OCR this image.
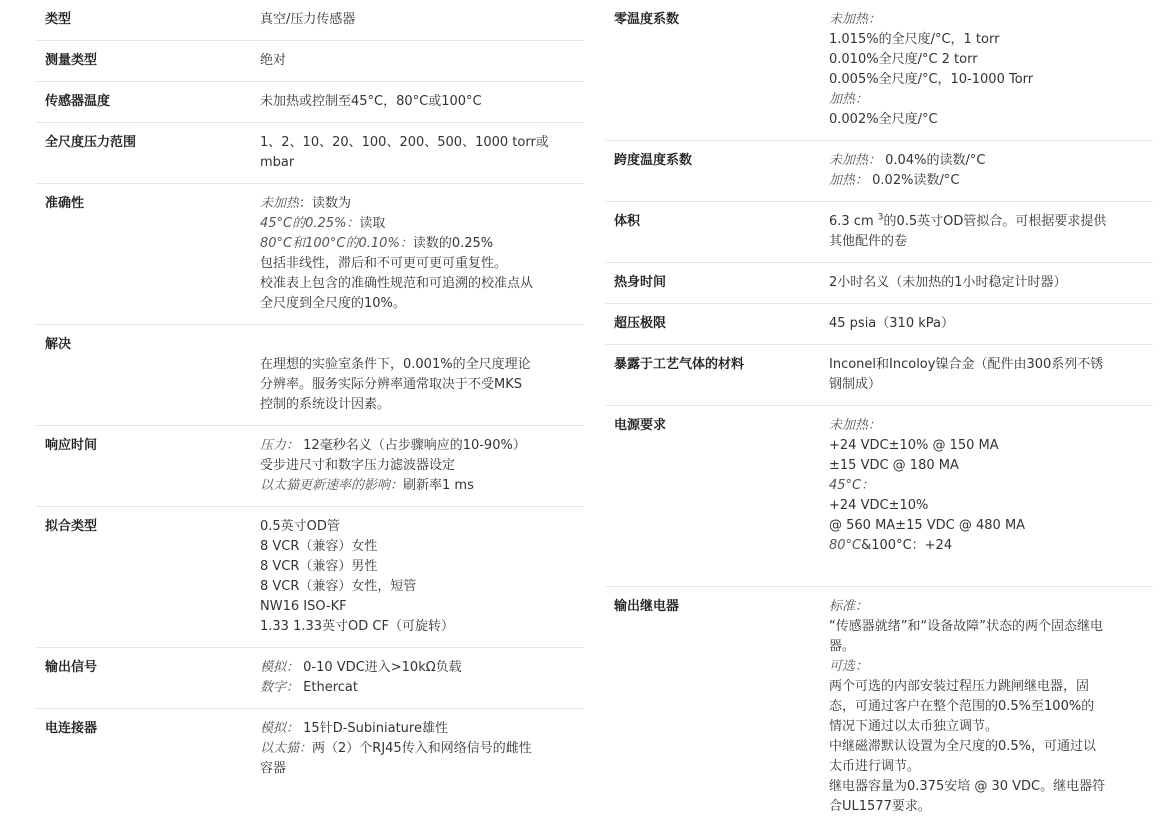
类型	真空/压力传感器
测量类型	绝对
传感器温度	未加热或控制至45°C，80°C或100°C
全尺度压力范围	1、2、10、20、100、200、500、1000 torr或
mbar
准确性	未加热：读数为
45°C的0.25%：读取
80°C和100°C的0.10%：读数的0.25%
包括非线性，滞后和不可更可更可重复性。
校准表上包含的准确性规范和可追溯的校准点从
全尺度到全尺度的10%。
解决

在理想的实验室条件下，0.001%的全尺度理论
分辨率。服务实际分辨率通常取决于不受MKS
控制的系统设计因素。
响应时间	压力： 12毫秒名义（占步骤响应的10-90%）
受步进尺寸和数字压力滤波器设定
以太猫更新速率的影响：刷新率1 ms
拟合类型	0.5英寸OD管
8 VCR（兼容）女性
8 VCR（兼容）男性
8 VCR（兼容）女性，短管
NW16 ISO-KF
1.33 1.33英寸OD CF（可旋转）
输出信号	模拟： 0-10 VDC进入>10kΩ负载
数字： Ethercat
电连接器	模拟： 15针D-Subiniature雄性
以太猫：两（2）个RJ45传入和网络信号的雌性
容器
零温度系数	未加热：
1.015%的全尺度/°C，1 torr
0.010%全尺度/°C 2 torr
0.005%全尺度/°C，10-1000 Torr
加热：
0.002%全尺度/°C
跨度温度系数	未加热： 0.04%的读数/°C
加热： 0.02%读数/°C
体积	6.3 cm $^3$的0.5英寸OD管拟合。可根据要求提供
其他配件的卷
热身时间	2小时名义（未加热的1小时稳定计时器）
超压极限	45 psia（310 kPa）
暴露于工艺气体的材料	Inconel和Incoloy镍合金（配件由300系列不锈
钢制成）
电源要求	未加热：
+24 VDC±10% @ 150 MA
±15 VDC @ 180 MA
45°C：
+24 VDC±10%
@ 560 MA±15 VDC @ 480 MA
80°C&100°C：+24

输出继电器	标准：
“传感器就绪”和“设备故障”状态的两个固态继电
器。
可选：
两个可选的内部安装过程压力跳闸继电器，固
态，可通过客户在整个范围的0.5%至100%的
情况下通过以太币独立调节。
中继磁滞默认设置为全尺度的0.5%，可通过以
太币进行调节。
继电器容量为0.375安培 @ 30 VDC。继电器符
合UL1577要求。
